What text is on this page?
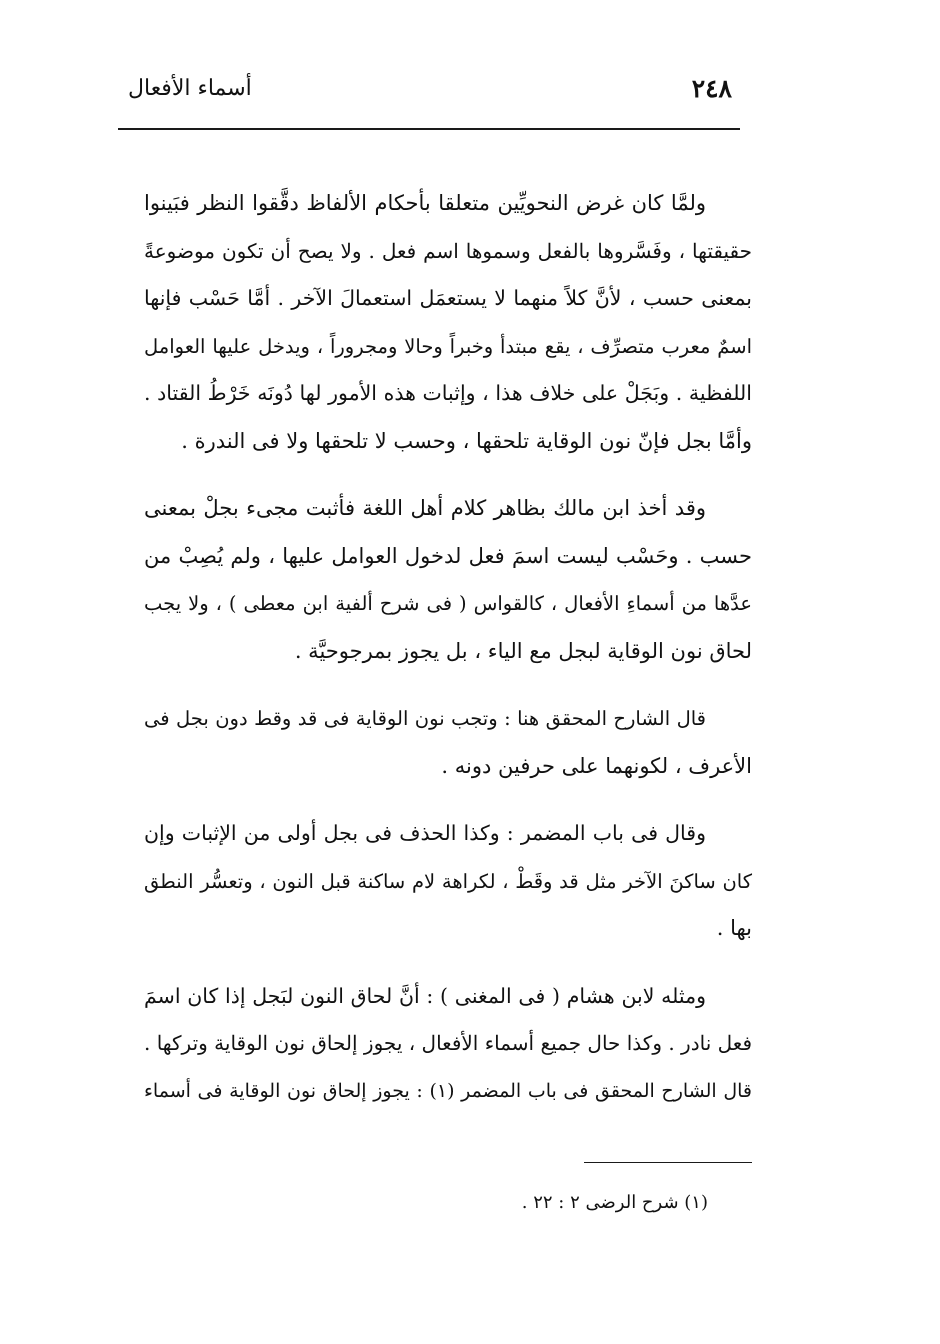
٢٤٨
أسماء الأفعال
ولمَّا كان غرض النحويِّين متعلقا بأحكام الألفاظ دقَّقوا النظر فبَينوا
حقيقتها ، وفَسَّروها بالفعل وسموها اسم فعل . ولا يصح أن تكون موضوعةً
بمعنى حسب ، لأنَّ كلاً منهما لا يستعمَل استعمالَ الآخر . أمَّا حَسْب فإنها
اسمٌ معرب متصرِّف ، يقع مبتدأ وخبراً وحالا ومجروراً ، ويدخل عليها العوامل
اللفظية . وبَجَلْ على خلاف هذا ، وإثبات هذه الأمور لها دُونَه خَرْطُ القتاد .
وأمَّا بجل فإنّ نون الوقاية تلحقها ، وحسب لا تلحقها ولا فى الندرة .
وقد أخذ ابن مالك بظاهر كلام أهل اللغة فأثبت مجىء بجلْ بمعنى
حسب . وحَسْب ليست اسمَ فعل لدخول العوامل عليها ، ولم يُصِبْ من
عدَّها من أسماءِ الأفعال ، كالقواس ( فى شرح ألفية ابن معطى ) ، ولا يجب
لحاق نون الوقاية لبجل مع الياء ، بل يجوز بمرجوحيَّة .
قال الشارح المحقق هنا : وتجب نون الوقاية فى قد وقط دون بجل فى
الأعرف ، لكونهما على حرفين دونه .
وقال فى باب المضمر : وكذا الحذف فى بجل أولى من الإثبات وإن
كان ساكنَ الآخر مثل قد وقَطْ ، لكراهة لام ساكنة قبل النون ، وتعسُّر النطق
بها .
ومثله لابن هشام ( فى المغنى ) : أنَّ لحاق النون لبَجل إذا كان اسمَ
فعل نادر . وكذا حال جميع أسماء الأفعال ، يجوز إلحاق نون الوقاية وتركها .
قال الشارح المحقق فى باب المضمر (١) : يجوز إلحاق نون الوقاية فى أسماء
(١) شرح الرضى ٢ : ٢٢ .
